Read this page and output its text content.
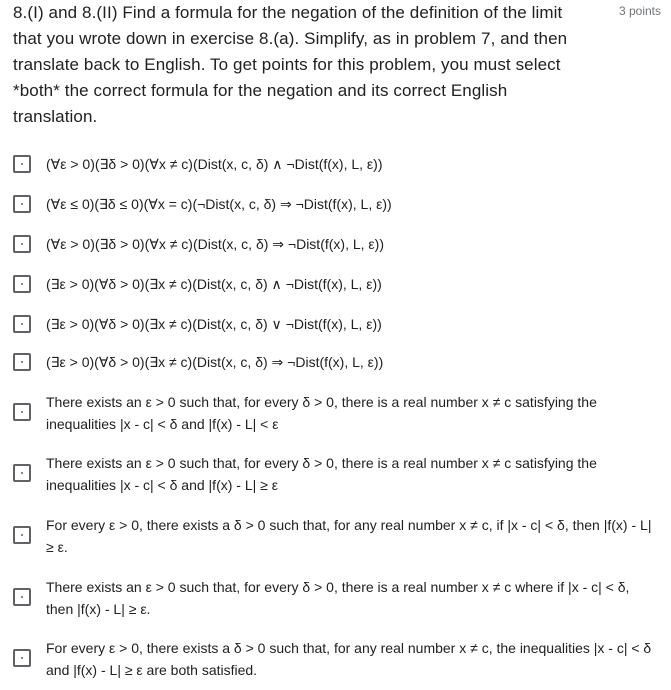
8.(I) and 8.(II) Find a formula for the negation of the definition of the limit that you wrote down in exercise 8.(a). Simplify, as in problem 7, and then translate back to English. To get points for this problem, you must select *both* the correct formula for the negation and its correct English translation.
3 points
(∀ε > 0)(∃δ > 0)(∀x ≠ c)(Dist(x, c, δ) ∧ ¬Dist(f(x), L, ε))
(∀ε ≤ 0)(∃δ ≤ 0)(∀x = c)(¬Dist(x, c, δ) ⇒ ¬Dist(f(x), L, ε))
(∀ε > 0)(∃δ > 0)(∀x ≠ c)(Dist(x, c, δ) ⇒ ¬Dist(f(x), L, ε))
(∃ε > 0)(∀δ > 0)(∃x ≠ c)(Dist(x, c, δ) ∧ ¬Dist(f(x), L, ε))
(∃ε > 0)(∀δ > 0)(∃x ≠ c)(Dist(x, c, δ) ∨ ¬Dist(f(x), L, ε))
(∃ε > 0)(∀δ > 0)(∃x ≠ c)(Dist(x, c, δ) ⇒ ¬Dist(f(x), L, ε))
There exists an ε > 0 such that, for every δ > 0, there is a real number x ≠ c satisfying the inequalities |x - c| < δ and |f(x) - L| < ε
There exists an ε > 0 such that, for every δ > 0, there is a real number x ≠ c satisfying the inequalities |x - c| < δ and |f(x) - L| ≥ ε
For every ε > 0, there exists a δ > 0 such that, for any real number x ≠ c, if |x - c| < δ, then |f(x) - L| ≥ ε.
There exists an ε > 0 such that, for every δ > 0, there is a real number x ≠ c where if |x - c| < δ, then |f(x) - L| ≥ ε.
For every ε > 0, there exists a δ > 0 such that, for any real number x ≠ c, the inequalities |x - c| < δ and |f(x) - L| ≥ ε are both satisfied.
